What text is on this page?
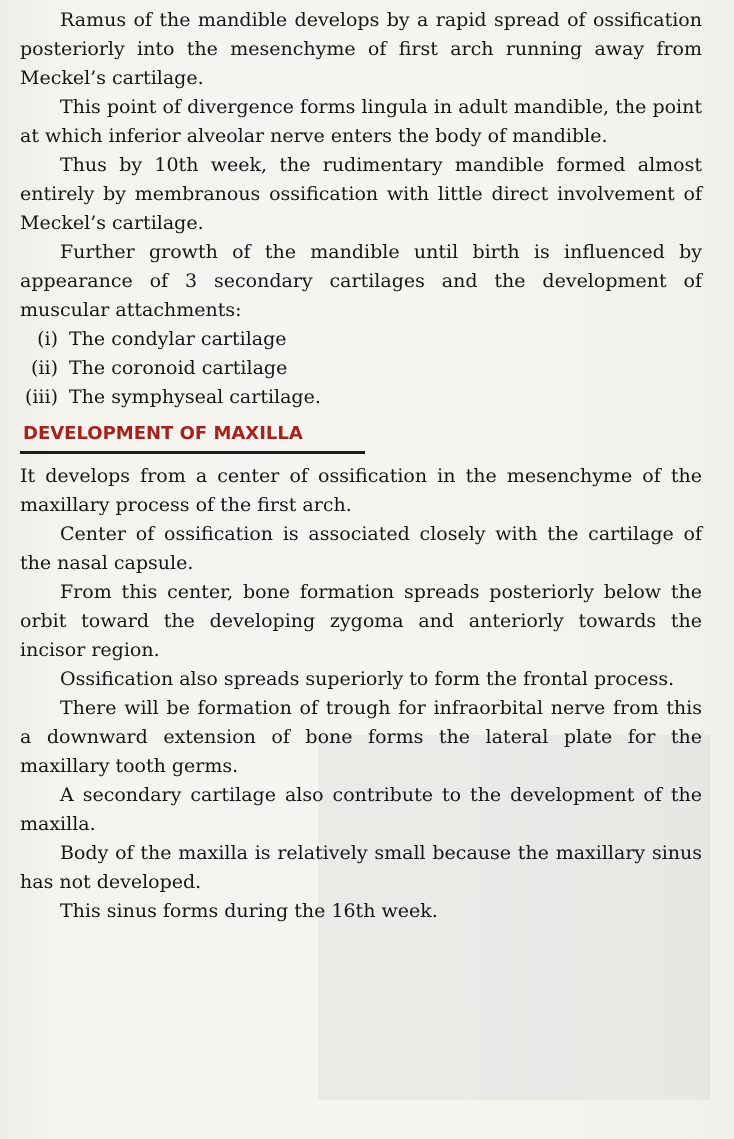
Ramus of the mandible develops by a rapid spread of ossification posteriorly into the mesenchyme of first arch running away from Meckel’s cartilage.

This point of divergence forms lingula in adult mandible, the point at which inferior alveolar nerve enters the body of mandible.

Thus by 10th week, the rudimentary mandible formed almost entirely by membranous ossification with little direct involvement of Meckel’s cartilage.

Further growth of the mandible until birth is influenced by appearance of 3 secondary cartilages and the development of muscular attachments:

(i) The condylar cartilage
(ii) The coronoid cartilage
(iii) The symphyseal cartilage.
DEVELOPMENT OF MAXILLA

It develops from a center of ossification in the mesenchyme of the maxillary process of the first arch.

Center of ossification is associated closely with the cartilage of the nasal capsule.

From this center, bone formation spreads posteriorly below the orbit toward the developing zygoma and anteriorly towards the incisor region.

Ossification also spreads superiorly to form the frontal process.

There will be formation of trough for infraorbital nerve from this a downward extension of bone forms the lateral plate for the maxillary tooth germs.

A secondary cartilage also contribute to the development of the maxilla.

Body of the maxilla is relatively small because the maxillary sinus has not developed.

This sinus forms during the 16th week.
